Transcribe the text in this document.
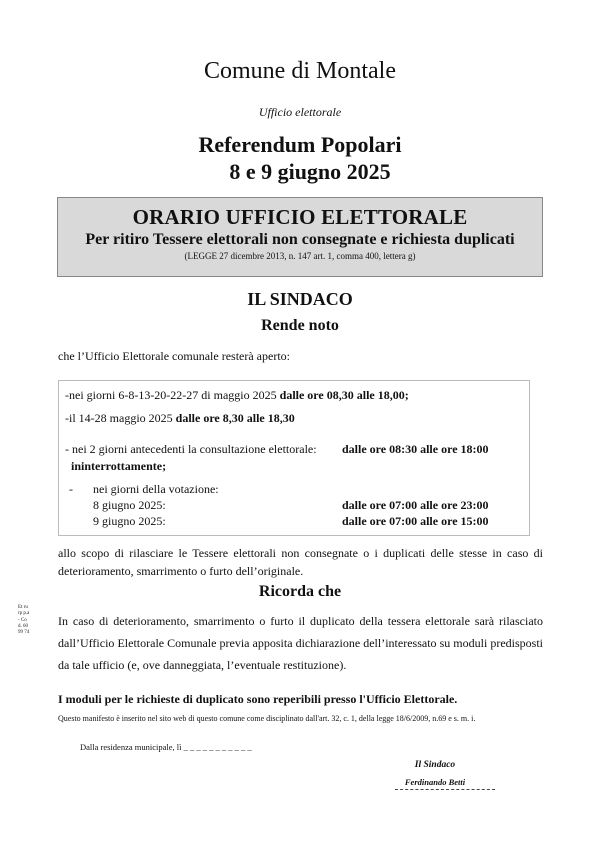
Comune di Montale
Ufficio elettorale
Referendum Popolari
8 e 9 giugno 2025
ORARIO UFFICIO ELETTORALE
Per ritiro Tessere elettorali non consegnate e richiesta duplicati
(LEGGE 27 dicembre 2013, n. 147 art. 1, comma 400, lettera g)
IL SINDACO
Rende noto
che l’Ufficio Elettorale comunale resterà aperto:
-nei giorni 6-8-13-20-22-27 di maggio 2025 dalle ore 08,30 alle 18,00;
-il 14-28 maggio 2025 dalle ore 8,30 alle 18,30
- nei 2 giorni antecedenti la consultazione elettorale: dalle ore 08:30 alle ore 18:00
ininterrottamente;
- nei giorni della votazione:
8 giugno 2025:	dalle ore 07:00 alle ore 23:00
9 giugno 2025:	dalle ore 07:00 alle ore 15:00
allo scopo di rilasciare le Tessere elettorali non consegnate o i duplicati delle stesse in caso di deterioramento, smarrimento o furto dell’originale.
Ricorda che
In caso di deterioramento, smarrimento o furto il duplicato della tessera elettorale sarà rilasciato dall’Ufficio Elettorale Comunale previa apposita dichiarazione dell’interessato su moduli predisposti da tale ufficio (e, ove danneggiata, l’eventuale restituzione).
I moduli per le richieste di duplicato sono reperibili presso l'Ufficio Elettorale.
Questo manifesto è inserito nel sito web di questo comune come disciplinato dall'art. 32, c. 1, della legge 18/6/2009, n.69 e s. m. i.
Dalla residenza municipale, lì _ _ _ _ _ _ _ _ _ _ _
Il Sindaco
Ferdinando Betti
Et ru rp p.a - Co d. 60 99 74
